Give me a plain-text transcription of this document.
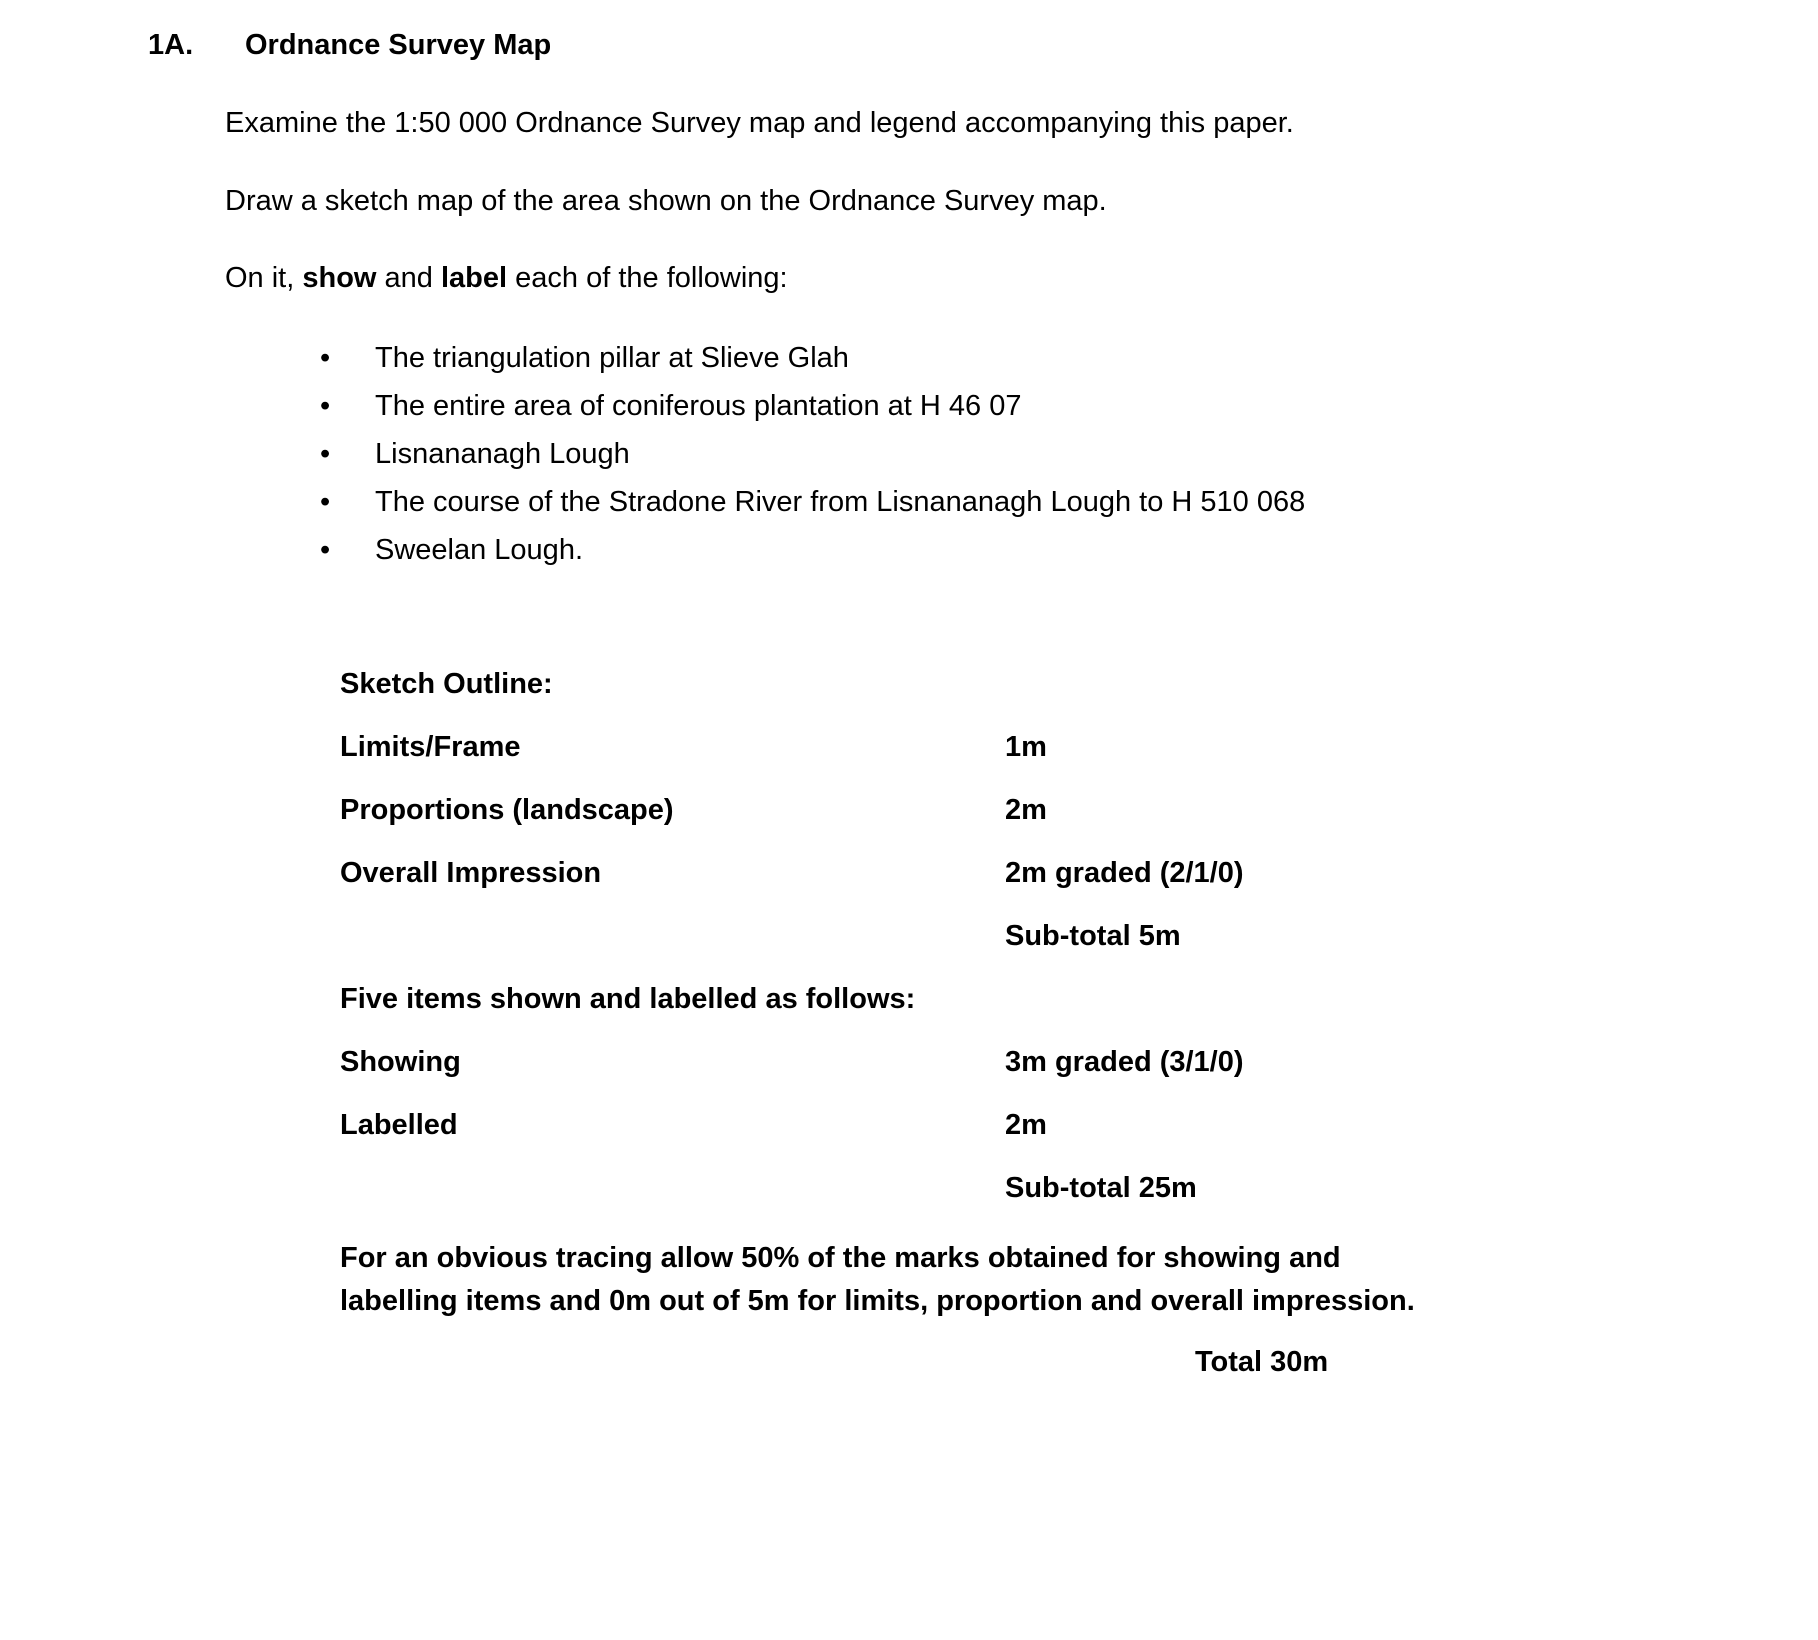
1A. Ordnance Survey Map

Examine the 1:50 000 Ordnance Survey map and legend accompanying this paper.

Draw a sketch map of the area shown on the Ordnance Survey map.

On it, show and label each of the following:

• The triangulation pillar at Slieve Glah
• The entire area of coniferous plantation at H 46 07
• Lisnananagh Lough
• The course of the Stradone River from Lisnananagh Lough to H 510 068
• Sweelan Lough.
Sketch Outline:
Limits/Frame	1m
Proportions (landscape)	2m
Overall Impression	2m graded (2/1/0)
Sub-total 5m
Five items shown and labelled as follows:
Showing	3m graded (3/1/0)
Labelled	2m
Sub-total 25m

For an obvious tracing allow 50% of the marks obtained for showing and labelling items and 0m out of 5m for limits, proportion and overall impression.

Total 30m
